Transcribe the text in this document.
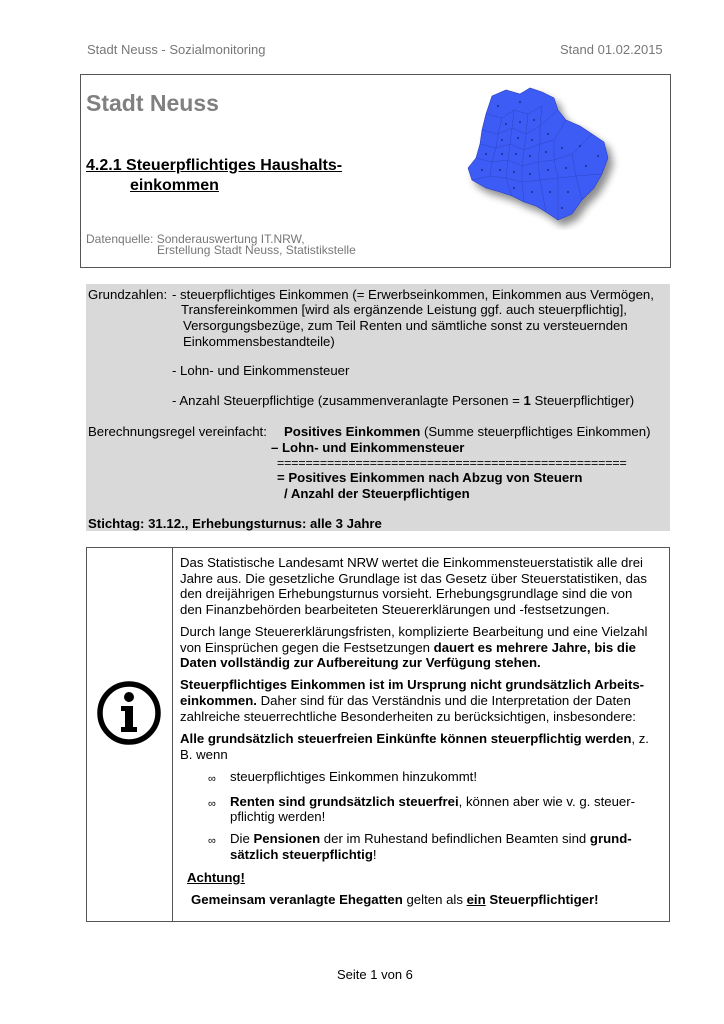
Stadt Neuss - Sozialmonitoring	Stand 01.02.2015
Stadt Neuss
4.2.1 Steuerpflichtiges Haushalts-
einkommen
Datenquelle: Sonderauswertung IT.NRW,
Erstellung Stadt Neuss, Statistikstelle
Grundzahlen: - steuerpflichtiges Einkommen (= Erwerbseinkommen, Einkommen aus Vermögen,
Transfereinkommen [wird als ergänzende Leistung ggf. auch steuerpflichtig],
Versorgungsbezüge, zum Teil Renten und sämtliche sonst zu versteuernden
Einkommensbestandteile)
- Lohn- und Einkommensteuer
- Anzahl Steuerpflichtige (zusammenveranlagte Personen = 1 Steuerpflichtiger)
Berechnungsregel vereinfacht: Positives Einkommen (Summe steuerpflichtiges Einkommen)
– Lohn- und Einkommensteuer
=================================================
= Positives Einkommen nach Abzug von Steuern
/ Anzahl der Steuerpflichtigen
Stichtag: 31.12., Erhebungsturnus: alle 3 Jahre
Das Statistische Landesamt NRW wertet die Einkommensteuerstatistik alle drei
Jahre aus. Die gesetzliche Grundlage ist das Gesetz über Steuerstatistiken, das
den dreijährigen Erhebungsturnus vorsieht. Erhebungsgrundlage sind die von
den Finanzbehörden bearbeiteten Steuererklärungen und -festsetzungen.
Durch lange Steuererklärungsfristen, komplizierte Bearbeitung und eine Vielzahl
von Einsprüchen gegen die Festsetzungen dauert es mehrere Jahre, bis die
Daten vollständig zur Aufbereitung zur Verfügung stehen.
Steuerpflichtiges Einkommen ist im Ursprung nicht grundsätzlich Arbeits-
einkommen. Daher sind für das Verständnis und die Interpretation der Daten
zahlreiche steuerrechtliche Besonderheiten zu berücksichtigen, insbesondere:
Alle grundsätzlich steuerfreien Einkünfte können steuerpflichtig werden, z.
B. wenn
∞ steuerpflichtiges Einkommen hinzukommt!
∞ Renten sind grundsätzlich steuerfrei, können aber wie v. g. steuer-
pflichtig werden!
∞ Die Pensionen der im Ruhestand befindlichen Beamten sind grund-
sätzlich steuerpflichtig!
Achtung!
Gemeinsam veranlagte Ehegatten gelten als ein Steuerpflichtiger!
Seite 1 von 6
